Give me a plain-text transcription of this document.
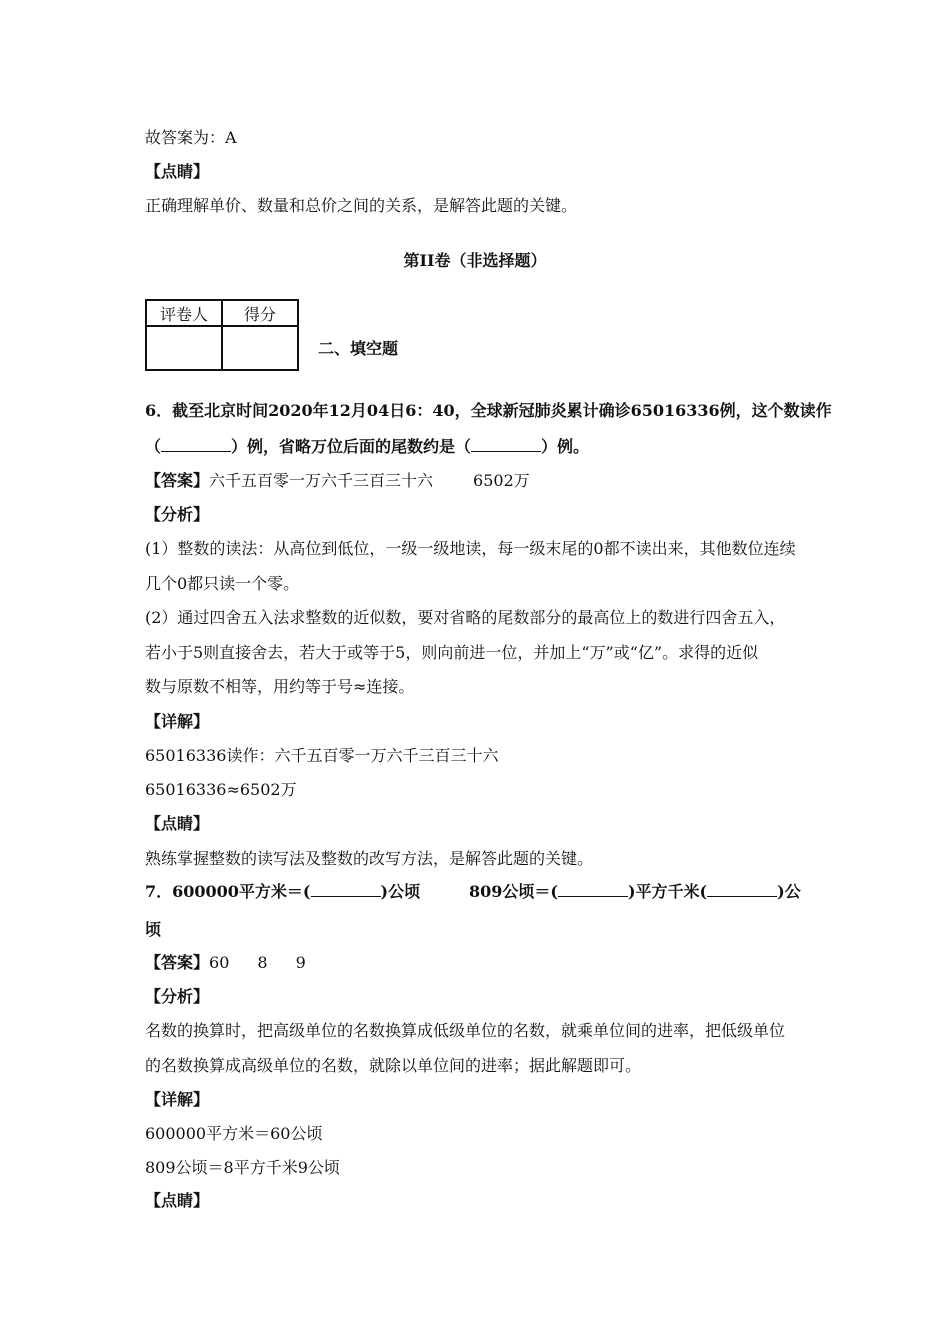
故答案为：A
【点睛】
正确理解单价、数量和总价之间的关系，是解答此题的关键。
第II卷（非选择题）
评卷人	得分

二、填空题
6．截至北京时间2020年12月04日6：40，全球新冠肺炎累计确诊65016336例，这个数读作
（	）例，省略万位后面的尾数约是（	）例。
【答案】六千五百零一万六千三百三十六	6502万
【分析】
(1）整数的读法：从高位到低位，一级一级地读，每一级末尾的0都不读出来，其他数位连续
几个0都只读一个零。
(2）通过四舍五入法求整数的近似数，要对省略的尾数部分的最高位上的数进行四舍五入，
若小于5则直接舍去，若大于或等于5，则向前进一位，并加上“万”或“亿”。求得的近似
数与原数不相等，用约等于号≈连接。
【详解】
65016336读作：六千五百零一万六千三百三十六
65016336≈6502万
【点睛】
熟练掌握整数的读写法及整数的改写方法，是解答此题的关键。
7．600000平方米＝(	)公顷	809公顷＝(	)平方千米(	)公
顷
【答案】60 8 9
【分析】
名数的换算时，把高级单位的名数换算成低级单位的名数，就乘单位间的进率，把低级单位
的名数换算成高级单位的名数，就除以单位间的进率；据此解题即可。
【详解】
600000平方米＝60公顷
809公顷＝8平方千米9公顷
【点睛】
